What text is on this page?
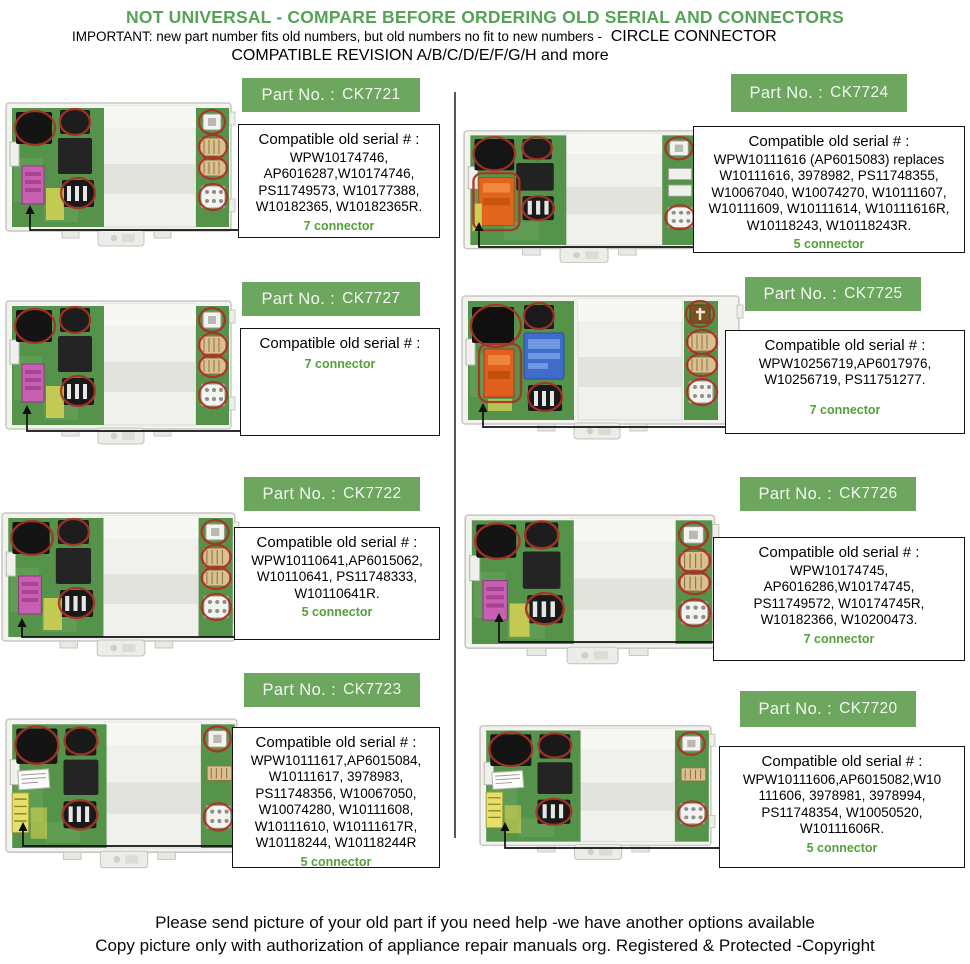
NOT UNIVERSAL - COMPARE BEFORE ORDERING OLD SERIAL AND CONNECTORS
IMPORTANT: new part number fits old numbers, but old numbers no fit to new numbers - CIRCLE CONNECTOR
COMPATIBLE REVISION A/B/C/D/E/F/G/H and more
Part No. : CK7721
Compatible old serial # :
WPW10174746,
AP6016287,W10174746,
PS11749573, W10177388,
W10182365, W10182365R.
7 connector
Part No. : CK7727
Compatible old serial # :
7 connector
Part No. : CK7722
Compatible old serial # :
WPW10110641,AP6015062,
W10110641, PS11748333,
W10110641R.
5 connector
Part No. : CK7723
Compatible old serial # :
WPW10111617,AP6015084,
W10111617, 3978983,
PS11748356, W10067050,
W10074280, W10111608,
W10111610, W10111617R,
W10118244, W10118244R
5 connector
Part No. : CK7724
Compatible old serial # :
WPW10111616 (AP6015083) replaces
W10111616, 3978982, PS11748355,
W10067040, W10074270, W10111607,
W10111609, W10111614, W10111616R,
W10118243, W10118243R.
5 connector
Part No. : CK7725
Compatible old serial # :
WPW10256719,AP6017976,
W10256719, PS11751277.
7 connector
Part No. : CK7726
Compatible old serial # :
WPW10174745,
AP6016286,W10174745,
PS11749572, W10174745R,
W10182366, W10200473.
7 connector
Part No. : CK7720
Compatible old serial # :
WPW10111606,AP6015082,W10
111606, 3978981, 3978994,
PS11748354, W10050520,
W10111606R.
5 connector
Please send picture of your old part if you need help -we have another options available
Copy picture only with authorization of appliance repair manuals org. Registered & Protected -Copyright
